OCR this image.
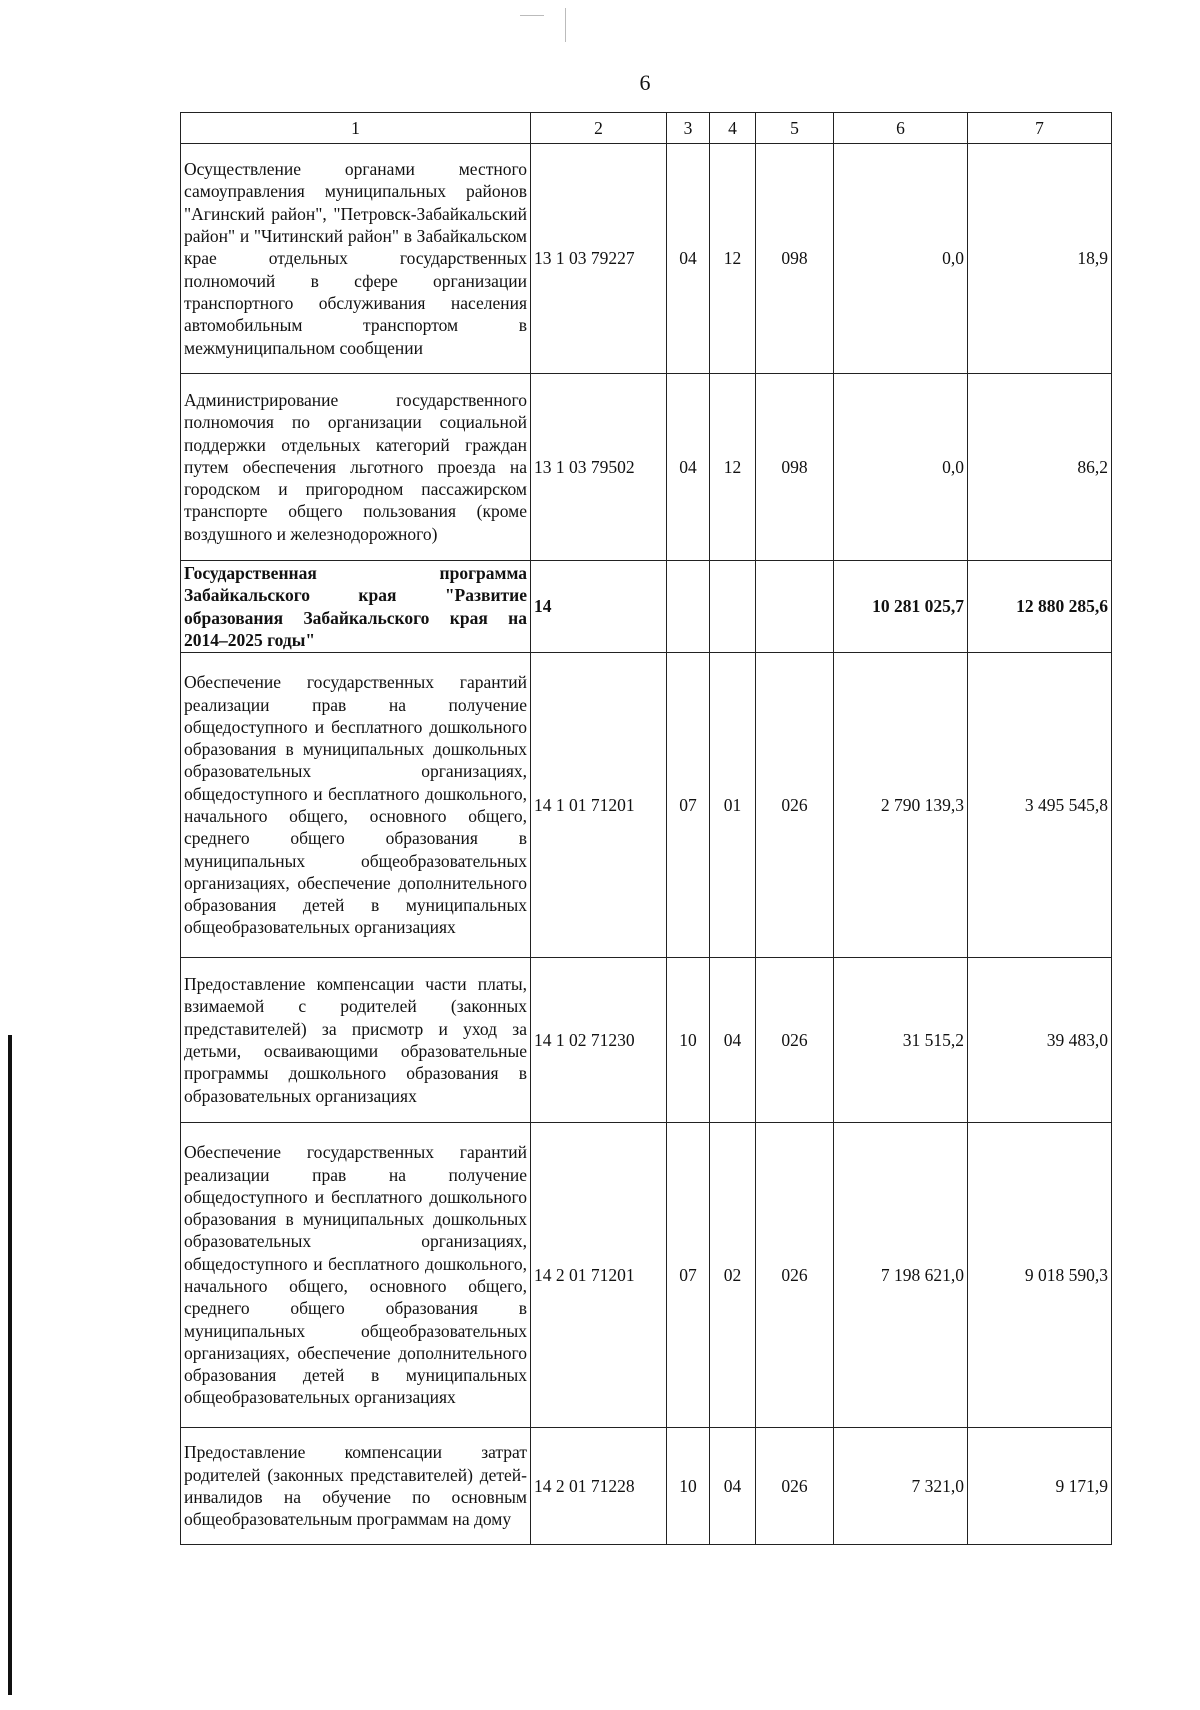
6
1	2	3	4	5	6	7
Осуществление органами местного самоуправления муниципальных районов "Агинский район", "Петровск-Забайкальский район" и "Читинский район" в Забайкальском крае отдельных государственных полномочий в сфере организации транспортного обслуживания населения автомобильным транспортом в межмуниципальном сообщении	13 1 03 79227	04	12	098	0,0	18,9
Администрирование государственного полномочия по организации социальной поддержки отдельных категорий граждан путем обеспечения льготного проезда на городском и пригородном пассажирском транспорте общего пользования (кроме воздушного и железнодорожного)	13 1 03 79502	04	12	098	0,0	86,2
Государственная программа Забайкальского края "Развитие образования Забайкальского края на 2014–2025 годы"	14				10 281 025,7	12 880 285,6
Обеспечение государственных гарантий реализации прав на получение общедоступного и бесплатного дошкольного образования в муниципальных дошкольных образовательных организациях, общедоступного и бесплатного дошкольного, начального общего, основного общего, среднего общего образования в муниципальных общеобразовательных организациях, обеспечение дополнительного образования детей в муниципальных общеобразовательных организациях	14 1 01 71201	07	01	026	2 790 139,3	3 495 545,8
Предоставление компенсации части платы, взимаемой с родителей (законных представителей) за присмотр и уход за детьми, осваивающими образовательные программы дошкольного образования в образовательных организациях	14 1 02 71230	10	04	026	31 515,2	39 483,0
Обеспечение государственных гарантий реализации прав на получение общедоступного и бесплатного дошкольного образования в муниципальных дошкольных образовательных организациях, общедоступного и бесплатного дошкольного, начального общего, основного общего, среднего общего образования в муниципальных общеобразовательных организациях, обеспечение дополнительного образования детей в муниципальных общеобразовательных организациях	14 2 01 71201	07	02	026	7 198 621,0	9 018 590,3
Предоставление компенсации затрат родителей (законных представителей) детей-инвалидов на обучение по основным общеобразовательным программам на дому	14 2 01 71228	10	04	026	7 321,0	9 171,9
